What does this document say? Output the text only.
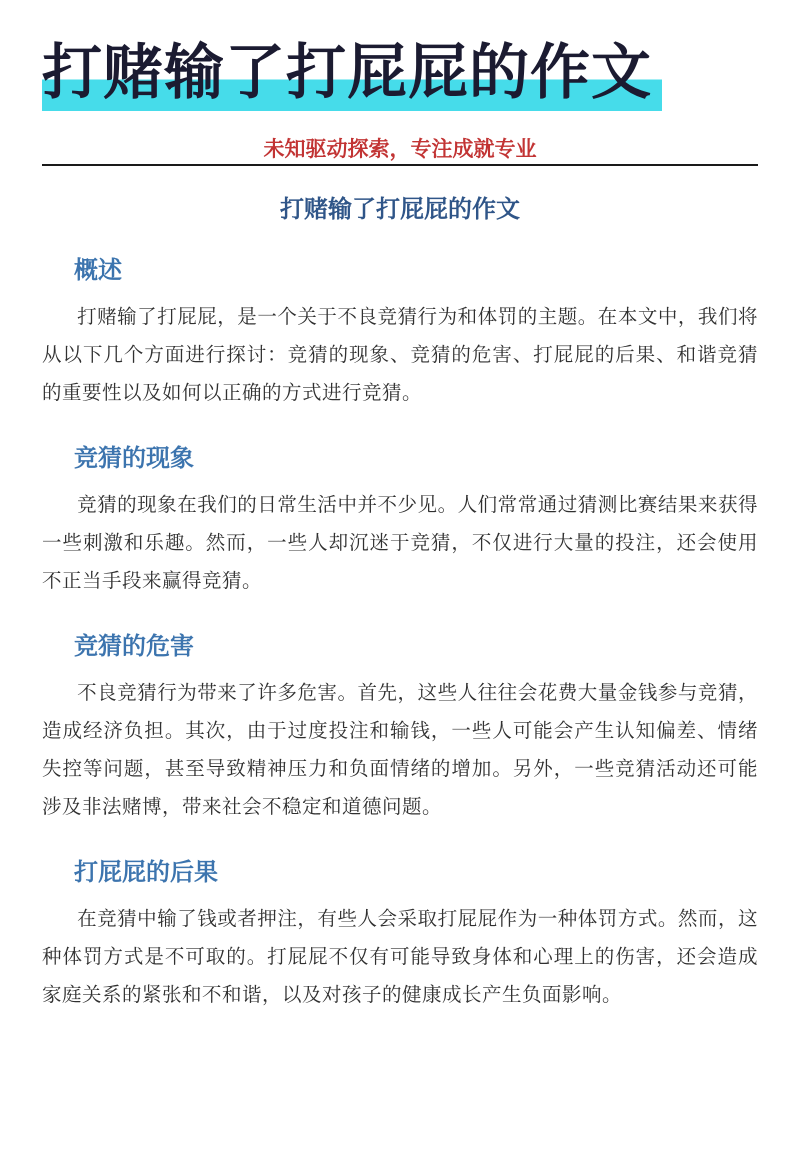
打赌输了打屁屁的作文
未知驱动探索，专注成就专业
打赌输了打屁屁的作文
概述

打赌输了打屁屁，是一个关于不良竞猜行为和体罚的主题。在本文中，我们将从以下几个方面进行探讨：竞猜的现象、竞猜的危害、打屁屁的后果、和谐竞猜的重要性以及如何以正确的方式进行竞猜。

竞猜的现象

竞猜的现象在我们的日常生活中并不少见。人们常常通过猜测比赛结果来获得一些刺激和乐趣。然而，一些人却沉迷于竞猜，不仅进行大量的投注，还会使用不正当手段来赢得竞猜。

竞猜的危害

不良竞猜行为带来了许多危害。首先，这些人往往会花费大量金钱参与竞猜，造成经济负担。其次，由于过度投注和输钱，一些人可能会产生认知偏差、情绪失控等问题，甚至导致精神压力和负面情绪的增加。另外，一些竞猜活动还可能涉及非法赌博，带来社会不稳定和道德问题。

打屁屁的后果

在竞猜中输了钱或者押注，有些人会采取打屁屁作为一种体罚方式。然而，这种体罚方式是不可取的。打屁屁不仅有可能导致身体和心理上的伤害，还会造成家庭关系的紧张和不和谐，以及对孩子的健康成长产生负面影响。
